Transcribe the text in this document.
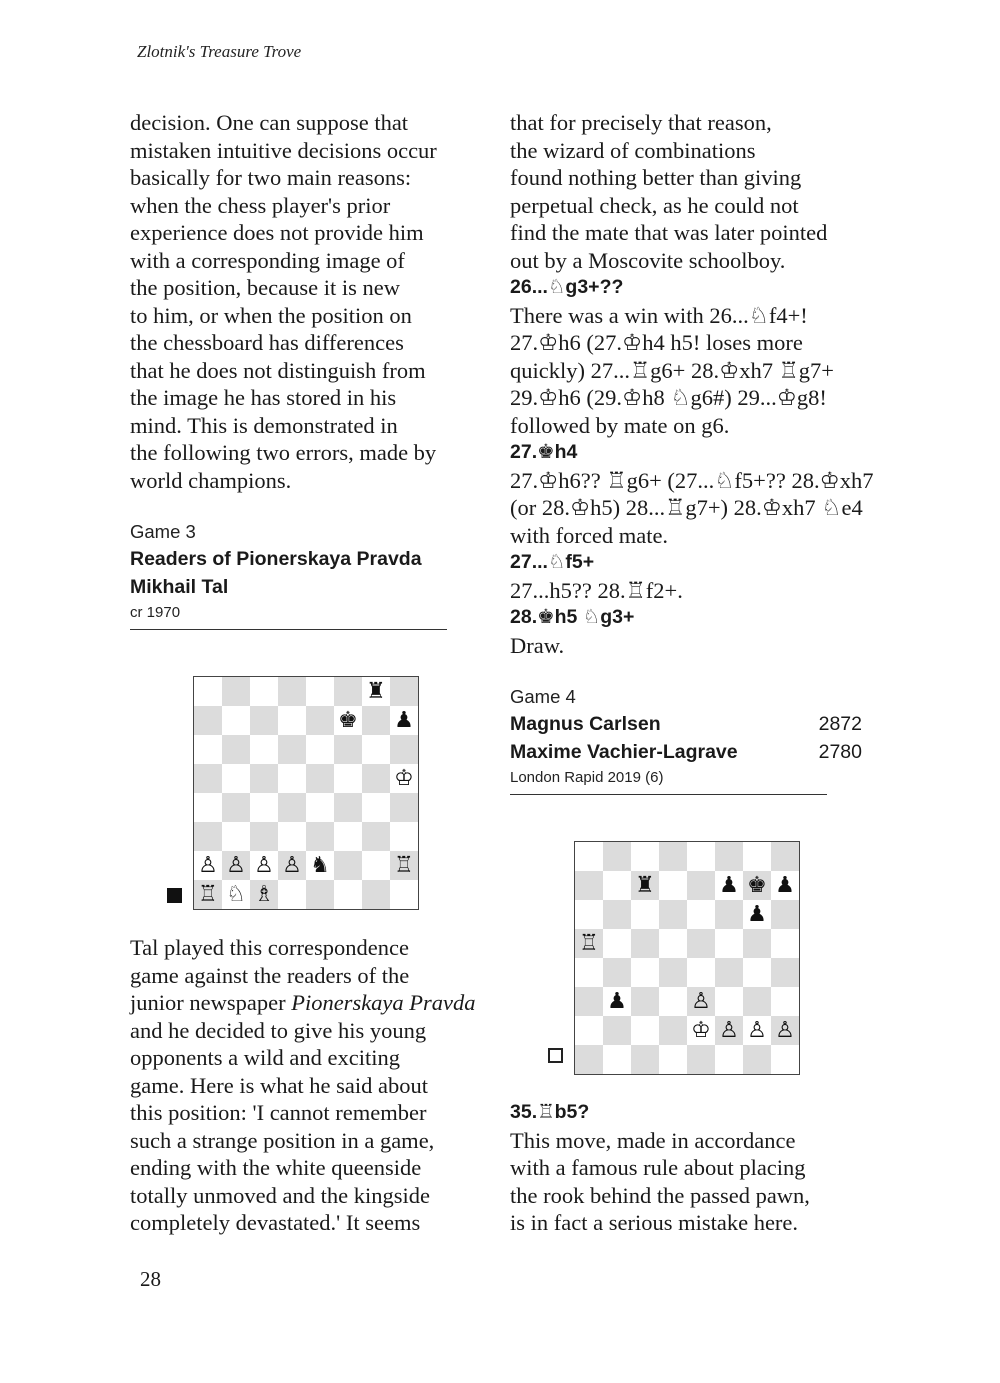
Zlotnik's Treasure Trove

decision. One can suppose that
mistaken intuitive decisions occur
basically for two main reasons:
when the chess player's prior
experience does not provide him
with a corresponding image of
the position, because it is new
to him, or when the position on
the chessboard has differences
that he does not distinguish from
the image he has stored in his
mind. This is demonstrated in
the following two errors, made by
world champions.

Game 3

Readers of Pionerskaya Pravda

Mikhail Tal

cr 1970

♜
♚ ♟
♔
♙ ♙ ♙ ♙ ♞	♖
♖ ♘ ♗

Tal played this correspondence
game against the readers of the
junior newspaper Pionerskaya Pravda
and he decided to give his young
opponents a wild and exciting
game. Here is what he said about
this position: 'I cannot remember
such a strange position in a game,
ending with the white queenside
totally unmoved and the kingside
completely devastated.' It seems

that for precisely that reason,
the wizard of combinations
found nothing better than giving
perpetual check, as he could not
find the mate that was later pointed
out by a Moscovite schoolboy.

26...♘g3+??

There was a win with 26...♘f4+!
27.♔h6 (27.♔h4 h5! loses more
quickly) 27...♖g6+ 28.♔xh7 ♖g7+
29.♔h6 (29.♔h8 ♘g6#) 29...♔g8!
followed by mate on g6.

27.♚h4

27.♔h6?? ♖g6+ (27...♘f5+?? 28.♔xh7
(or 28.♔h5) 28...♖g7+) 28.♔xh7 ♘e4
with forced mate.

27...♘f5+

27...h5?? 28.♖f2+.

28.♚h5 ♘g3+

Draw.

Game 4

Magnus Carlsen	2872

Maxime Vachier-Lagrave	2780

London Rapid 2019 (6)

♜	♟ ♚ ♟
♟
♖
♟	♙
♔ ♙ ♙ ♙

35.♖b5?

This move, made in accordance
with a famous rule about placing
the rook behind the passed pawn,
is in fact a serious mistake here.

28
